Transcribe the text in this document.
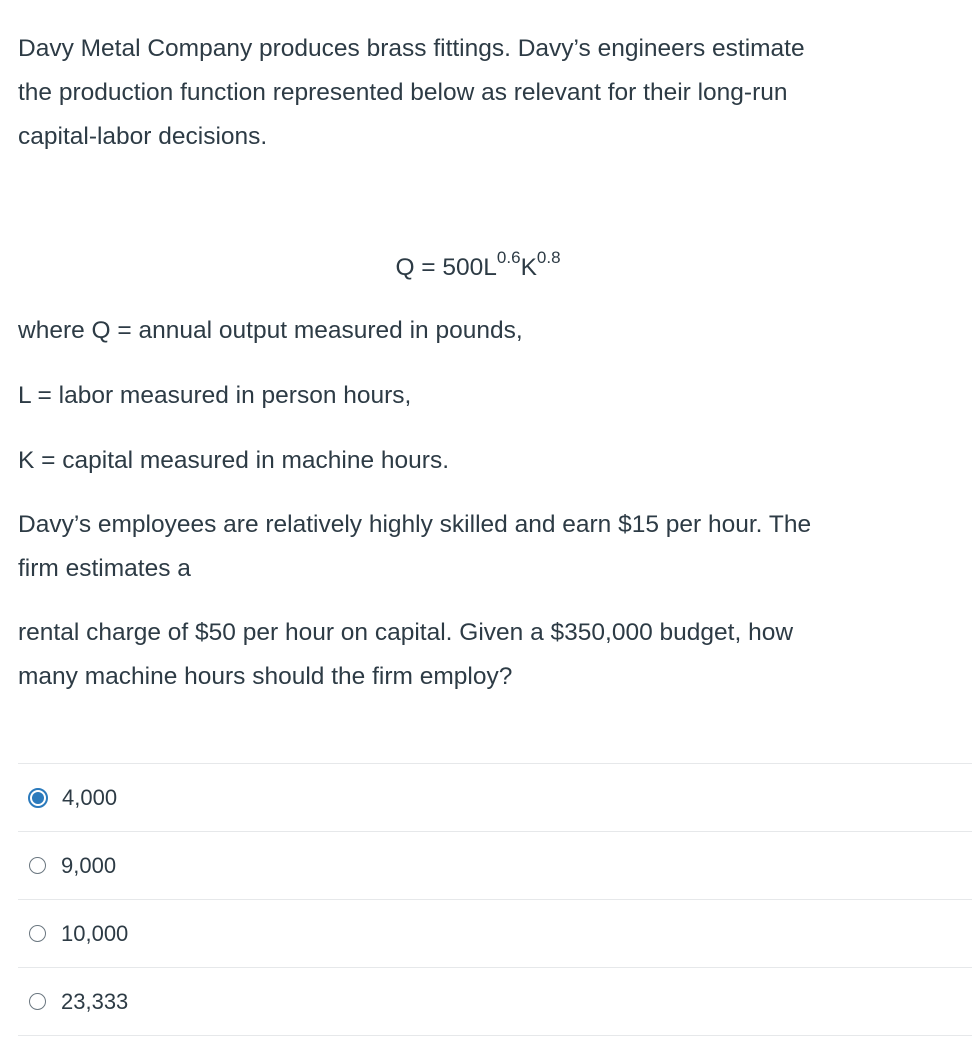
Davy Metal Company produces brass fittings. Davy’s engineers estimate
the production function represented below as relevant for their long-run
capital-labor decisions.
$Q = 500L^{0.6}K^{0.8}$
where Q = annual output measured in pounds,
L = labor measured in person hours,
K = capital measured in machine hours.
Davy’s employees are relatively highly skilled and earn $15 per hour. The
firm estimates a
rental charge of $50 per hour on capital. Given a $350,000 budget, how
many machine hours should the firm employ?
4,000
9,000
10,000
23,333
